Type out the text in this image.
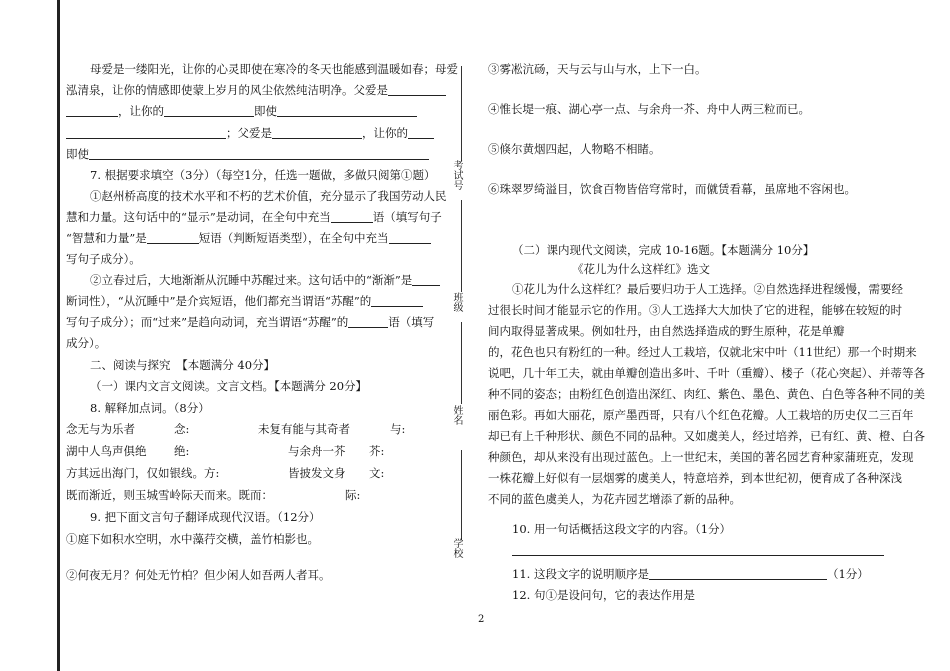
母爱是一缕阳光，让你的心灵即使在寒冷的冬天也能感到温暖如春；母爱
泓清泉，让你的情感即使蒙上岁月的风尘依然纯洁明净。父爱是
，让你的	即使
；父爱是	，让你的
即使
7. 根据要求填空（3分）（每空1分，任选一题做，多做只阅第①题）
①赵州桥高度的技术水平和不朽的艺术价值，充分显示了我国劳动人民
慧和力量。这句话中的“显示”是动词，在全句中充当	语（填写句子
“智慧和力量”是	短语（判断短语类型），在全句中充当
写句子成分）。
②立春过后，大地渐渐从沉睡中苏醒过来。这句话中的“渐渐”是
断词性），“从沉睡中”是介宾短语，他们都充当谓语“苏醒”的
写句子成分）；而“过来”是趋向动词，充当谓语“苏醒”的	语（填写
成分）。
二、阅读与探究　【本题满分 40分】
（一）课内文言文阅读。文言文档。【本题满分 20分】
8. 解释加点词。（8分）
念无与为乐者	念:	未复有能与其奇者	与:
湖中人鸟声俱绝 绝:	与余舟一芥 芥:
方其远出海门，仅如银线。方:	皆披发文身 文:
既而渐近，则玉城雪岭际天而来。既而：	际:
9. 把下面文言句子翻译成现代汉语。（12分）
①庭下如积水空明，水中藻荇交横，盖竹柏影也。
②何夜无月？何处无竹柏？但少闲人如吾两人者耳。
考试号
班级
姓名
学校
2
③雾凇沆砀，天与云与山与水，上下一白。
④惟长堤一痕、湖心亭一点、与余舟一芥、舟中人两三粒而已。
⑤倏尔黄烟四起，人物略不相睹。
⑥珠翠罗绮溢目，饮食百物皆倍穹常时，而僦赁看幕，虽席地不容闲也。
（二）课内现代文阅读，完成 10-16题。【本题满分 10分】
《花儿为什么这样红》选文
①花儿为什么这样红？最后要归功于人工选择。②自然选择进程缓慢，需要经
过很长时间才能显示它的作用。③人工选择大大加快了它的进程，能够在较短的时
间内取得显著成果。例如牡丹，由自然选择造成的野生原种，花是单瓣
的，花色也只有粉红的一种。经过人工栽培，仅就北宋中叶（11世纪）那一个时期来
说吧，几十年工夫，就由单瓣创造出多叶、千叶（重瓣）、楼子（花心突起）、并蒂等各
种不同的姿态；由粉红色创造出深红、肉红、紫色、墨色、黄色、白色等各种不同的美
丽色彩。再如大丽花，原产墨西哥，只有八个红色花瓣。人工栽培的历史仅二三百年
却已有上千种形状、颜色不同的品种。又如虞美人，经过培养，已有红、黄、橙、白各
种颜色，却从来没有出现过蓝色。上一世纪末，美国的著名园艺育种家蒲班克，发现
一株花瓣上好似有一层烟雾的虞美人，特意培养，到本世纪初，便育成了各种深浅
不同的蓝色虞美人，为花卉园艺增添了新的品种。
10. 用一句话概括这段文字的内容。（1分）
11. 这段文字的说明顺序是	（1分）
12. 句①是设问句，它的表达作用是
